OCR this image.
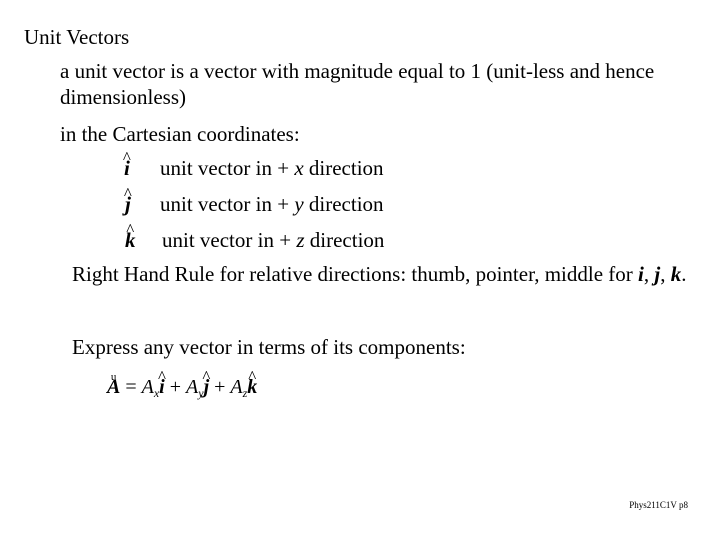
Unit Vectors
a unit vector is a vector with magnitude equal to 1 (unit-less and hence dimensionless)
in the Cartesian coordinates:
^ i unit vector in + x direction
^ j unit vector in + y direction
^ k unit vector in + z direction
Right Hand Rule for relative directions: thumb, pointer, middle for i, j, k.
Express any vector in terms of its components:
u $A = A_x\^{}$ $i + A_y\^{}$ $j + A_z\^{}$ k
Phys211C1V p8
